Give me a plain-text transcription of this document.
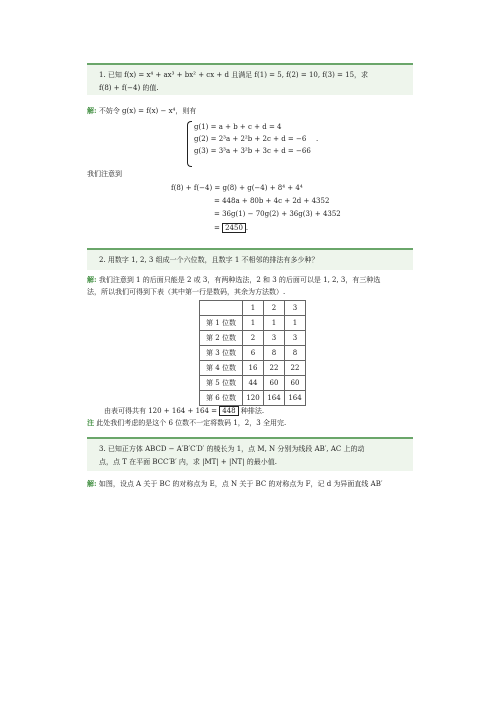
1. 已知 f(x) = x⁴ + ax³ + bx² + cx + d 且满足 f(1) = 5, f(2) = 10, f(3) = 15，求
f(8) + f(−4) 的值.
解: 不妨令 g(x) = f(x) − x⁴，则有
g(1) = a + b + c + d = 4
g(2) = 2³a + 2²b + 2c + d = −6
g(3) = 3³a + 3²b + 3c + d = −66
.
我们注意到
f(8) + f(−4) = g(8) + g(−4) + 8⁴ + 4⁴
= 448a + 80b + 4c + 2d + 4352
= 36g(1) − 70g(2) + 36g(3) + 4352
= 2450 .
2. 用数字 1, 2, 3 组成一个六位数，且数字 1 不相邻的排法有多少种？
解: 我们注意到 1 的后面只能是 2 或 3，有两种选法，2 和 3 的后面可以是 1, 2, 3，有三种选
法，所以我们可得到下表（其中第一行是数码，其余为方法数）.
	1	2	3
第 1 位数	1	1	1
第 2 位数	2	3	3
第 3 位数	6	8	8
第 4 位数	16	22	22
第 5 位数	44	60	60
第 6 位数	120	164	164
由表可得共有 120 + 164 + 164 = 448 种排法.
注 此处我们考虑的是这个 6 位数不一定将数码 1，2，3 全用完.
3. 已知正方体 ABCD − A′B′C′D′ 的棱长为 1，点 M, N 分别为线段 AB′, AC 上的动
点，点 T 在平面 BCC′B′ 内，求 |MT| + |NT| 的最小值.
解: 如图，设点 A 关于 BC 的对称点为 E，点 N 关于 BC 的对称点为 F，记 d 为异面直线 AB′
